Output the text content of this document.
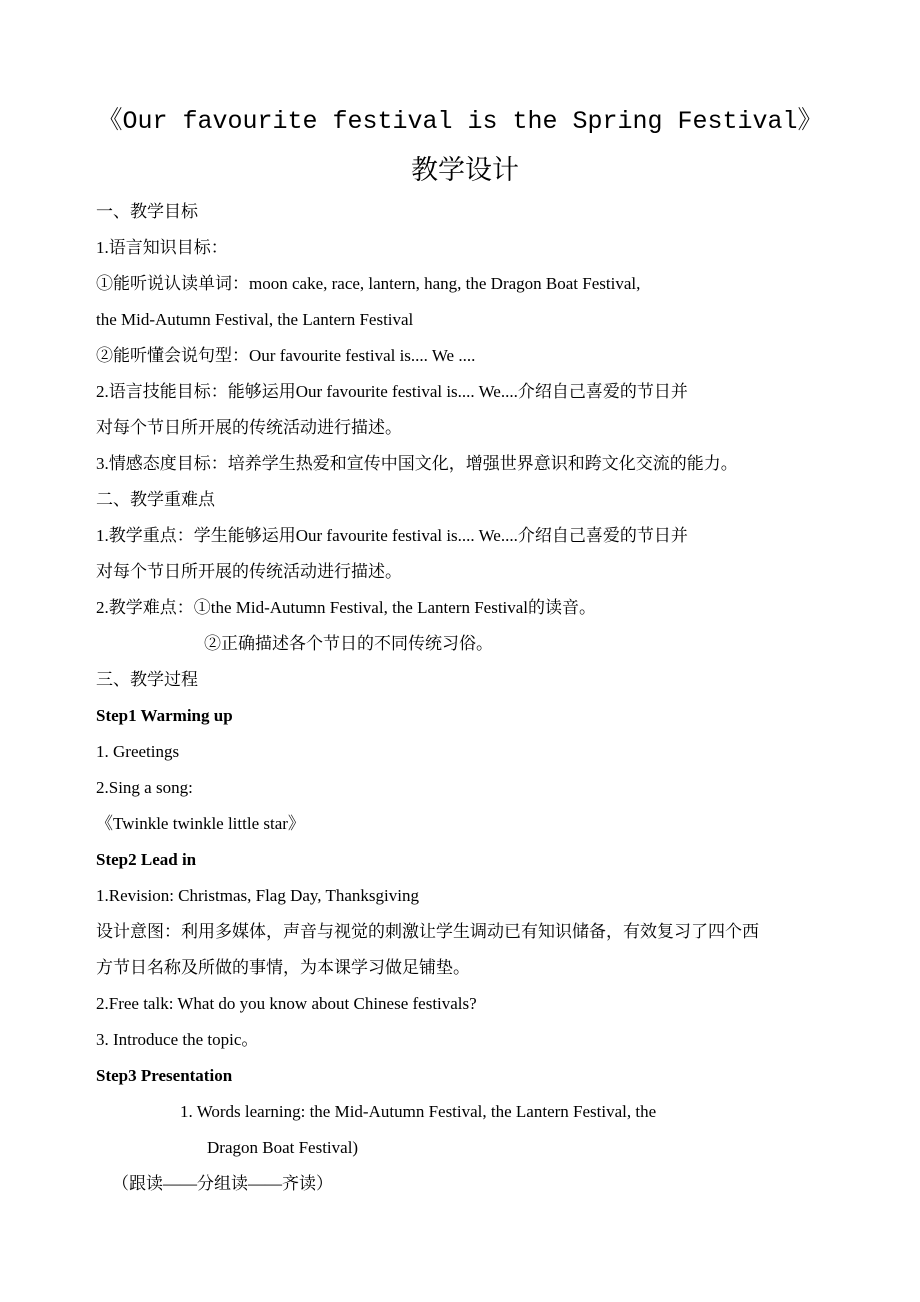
《Our favourite festival is the Spring Festival》
教学设计
一、教学目标
1.语言知识目标：
①能听说认读单词：moon cake, race, lantern, hang, the Dragon Boat Festival,
the Mid-Autumn Festival, the Lantern Festival
②能听懂会说句型：Our favourite festival is.... We ....
2.语言技能目标：能够运用Our favourite festival is.... We....介绍自己喜爱的节日并
对每个节日所开展的传统活动进行描述。
3.情感态度目标：培养学生热爱和宣传中国文化，增强世界意识和跨文化交流的能力。
二、教学重难点
1.教学重点：学生能够运用Our favourite festival is.... We....介绍自己喜爱的节日并
对每个节日所开展的传统活动进行描述。
2.教学难点：①the Mid-Autumn Festival, the Lantern Festival的读音。
②正确描述各个节日的不同传统习俗。
三、教学过程
Step1 Warming up
1. Greetings
2.Sing a song:
《Twinkle twinkle little star》
Step2 Lead in
1.Revision: Christmas, Flag Day, Thanksgiving
设计意图：利用多媒体，声音与视觉的刺激让学生调动已有知识储备，有效复习了四个西
方节日名称及所做的事情，为本课学习做足铺垫。
2.Free talk: What do you know about Chinese festivals?
3. Introduce the topic。
Step3 Presentation
1. Words learning: the Mid-Autumn Festival, the Lantern Festival, the
Dragon Boat Festival)
（跟读——分组读——齐读）
